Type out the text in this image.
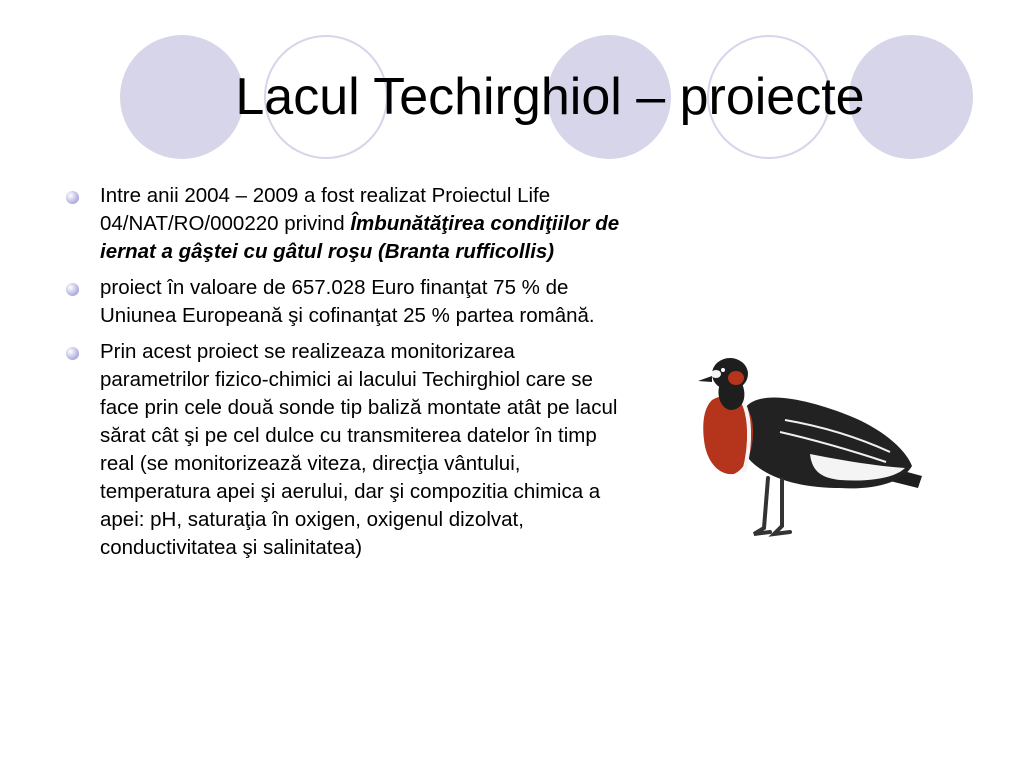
Lacul Techirghiol – proiecte
Intre anii 2004 – 2009 a fost realizat Proiectul Life 04/NAT/RO/000220 privind Îmbunătăţirea condiţiilor de iernat a gâştei cu gâtul roşu (Branta rufficollis)
proiect în valoare de 657.028 Euro finanţat 75 % de Uniunea Europeană şi cofinanţat 25 % partea română.
Prin acest proiect se realizeaza monitorizarea parametrilor fizico-chimici ai lacului Techirghiol care se face prin cele două sonde tip baliză montate atât pe lacul sărat cât şi pe cel dulce cu transmiterea datelor în timp real (se monitorizează viteza, direcţia vântului, temperatura apei şi aerului, dar şi compozitia chimica a apei: pH, saturaţia în oxigen, oxigenul dizolvat, conductivitatea şi salinitatea)
